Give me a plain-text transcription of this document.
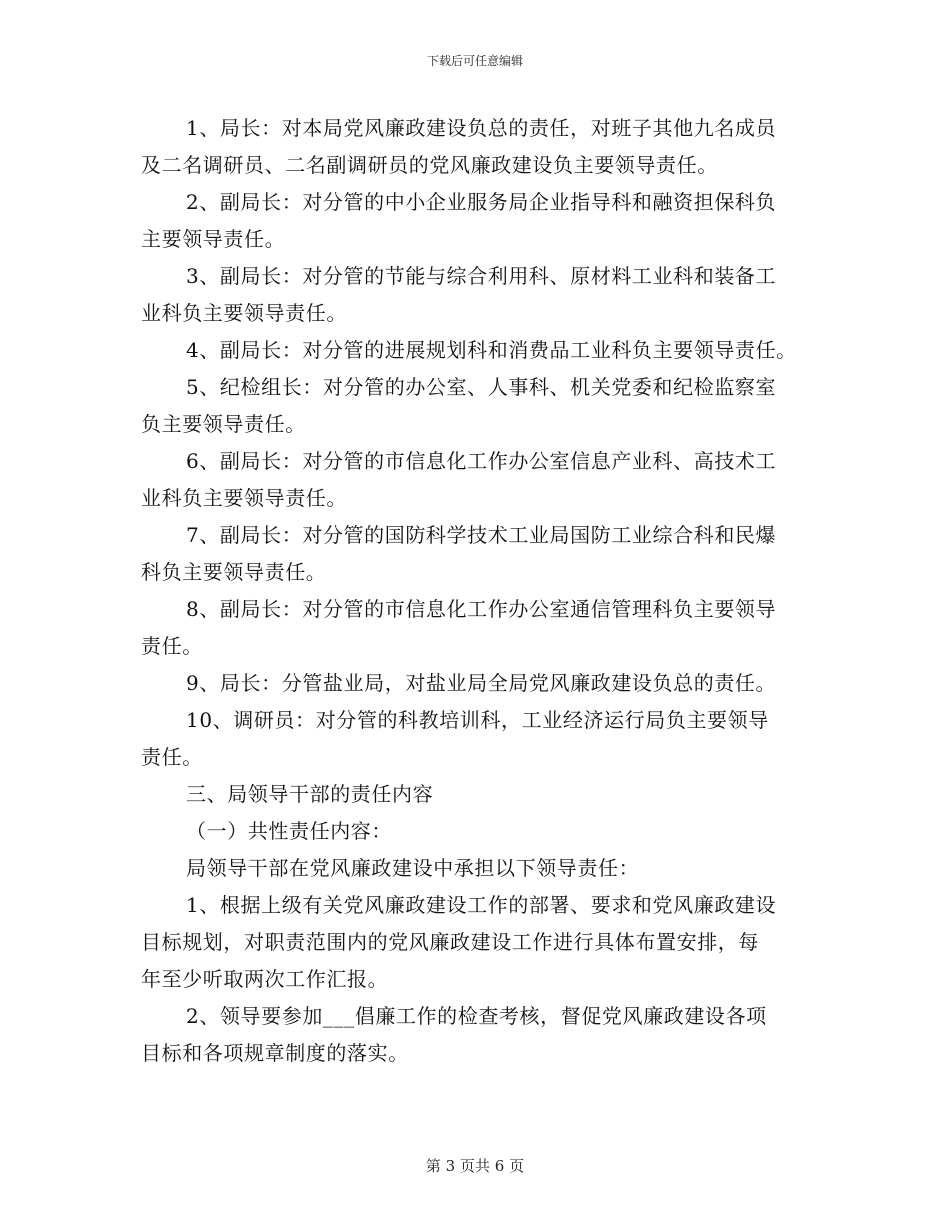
下载后可任意编辑
1、局长：对本局党风廉政建设负总的责任，对班子其他九名成员
及二名调研员、二名副调研员的党风廉政建设负主要领导责任。
2、副局长：对分管的中小企业服务局企业指导科和融资担保科负
主要领导责任。
3、副局长：对分管的节能与综合利用科、原材料工业科和装备工
业科负主要领导责任。
4、副局长：对分管的进展规划科和消费品工业科负主要领导责任。
5、纪检组长：对分管的办公室、人事科、机关党委和纪检监察室
负主要领导责任。
6、副局长：对分管的市信息化工作办公室信息产业科、高技术工
业科负主要领导责任。
7、副局长：对分管的国防科学技术工业局国防工业综合科和民爆
科负主要领导责任。
8、副局长：对分管的市信息化工作办公室通信管理科负主要领导
责任。
9、局长：分管盐业局，对盐业局全局党风廉政建设负总的责任。
10、调研员：对分管的科教培训科，工业经济运行局负主要领导
责任。
三、局领导干部的责任内容
（一）共性责任内容：
局领导干部在党风廉政建设中承担以下领导责任：
1、根据上级有关党风廉政建设工作的部署、要求和党风廉政建设
目标规划，对职责范围内的党风廉政建设工作进行具体布置安排，每
年至少听取两次工作汇报。
2、领导要参加___倡廉工作的检查考核，督促党风廉政建设各项
目标和各项规章制度的落实。
第 3 页共 6 页
